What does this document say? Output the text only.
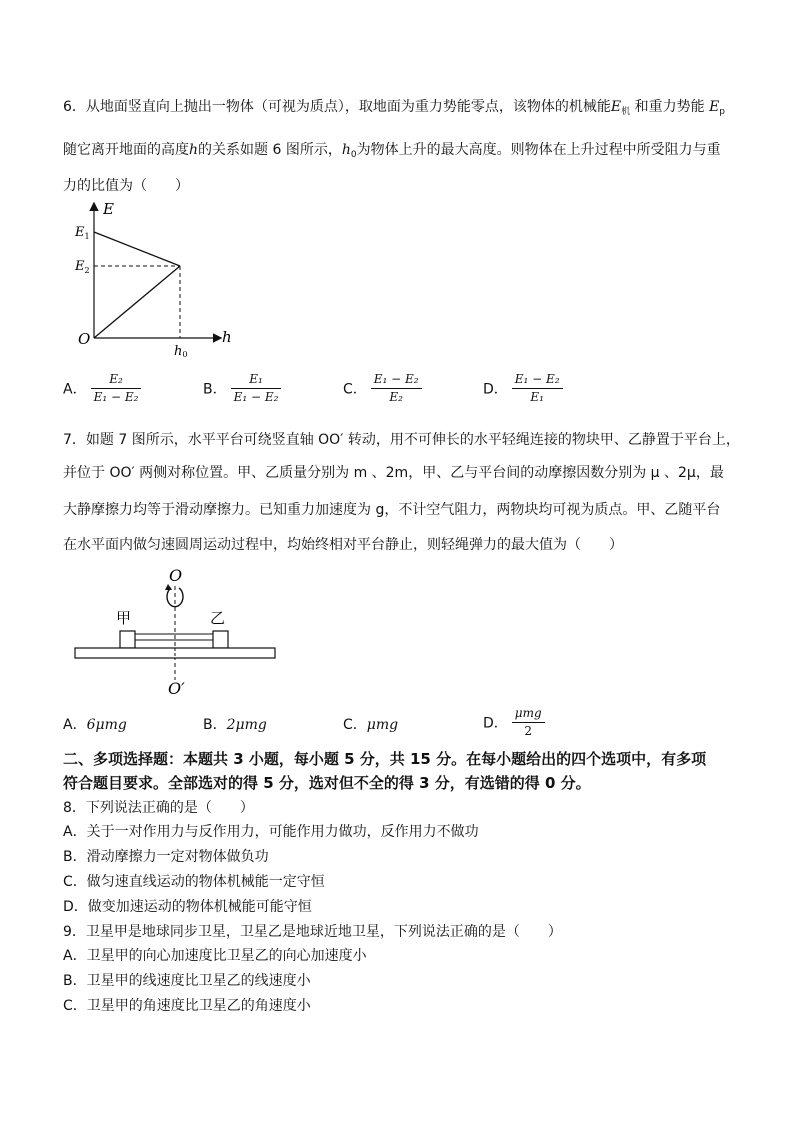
6．从地面竖直向上抛出一物体（可视为质点），取地面为重力势能零点，该物体的机械能$E_机$ 和重力势能 $E_p$
随它离开地面的高度h的关系如题 6 图所示，$h_0$为物体上升的最大高度。则物体在上升过程中所受阻力与重
力的比值为（　　）
E
h
O
$E_1$
$E_2$
h0
A． $\frac{\text{E₂}}{\text{E₁ − E₂}}$	B． $\frac{\text{E₁}}{\text{E₁ − E₂}}$	C． $\frac{\text{E₁ − E₂}}{\text{E₂}}$	D． $\frac{\text{E₁ − E₂}}{\text{E₁}}$
7．如题 7 图所示，水平平台可绕竖直轴 OO′ 转动，用不可伸长的水平轻绳连接的物块甲、乙静置于平台上，
并位于 OO′ 两侧对称位置。甲、乙质量分别为 m 、2m，甲、乙与平台间的动摩擦因数分别为 μ 、2μ，最
大静摩擦力均等于滑动摩擦力。已知重力加速度为 g，不计空气阻力，两物块均可视为质点。甲、乙随平台
在水平面内做匀速圆周运动过程中，均始终相对平台静止，则轻绳弹力的最大值为（　　）
O
甲	乙
O′
A．6μmg	B．2μmg	C．μmg	D． $\frac{\text{μmg}}{2}$
二、多项选择题：本题共 3 小题，每小题 5 分，共 15 分。在每小题给出的四个选项中，有多项
符合题目要求。全部选对的得 5 分，选对但不全的得 3 分，有选错的得 0 分。
8．下列说法正确的是（　　）
A．关于一对作用力与反作用力，可能作用力做功，反作用力不做功
B．滑动摩擦力一定对物体做负功
C．做匀速直线运动的物体机械能一定守恒
D．做变加速运动的物体机械能可能守恒
9．卫星甲是地球同步卫星，卫星乙是地球近地卫星，下列说法正确的是（　　）
A．卫星甲的向心加速度比卫星乙的向心加速度小
B．卫星甲的线速度比卫星乙的线速度小
C．卫星甲的角速度比卫星乙的角速度小
